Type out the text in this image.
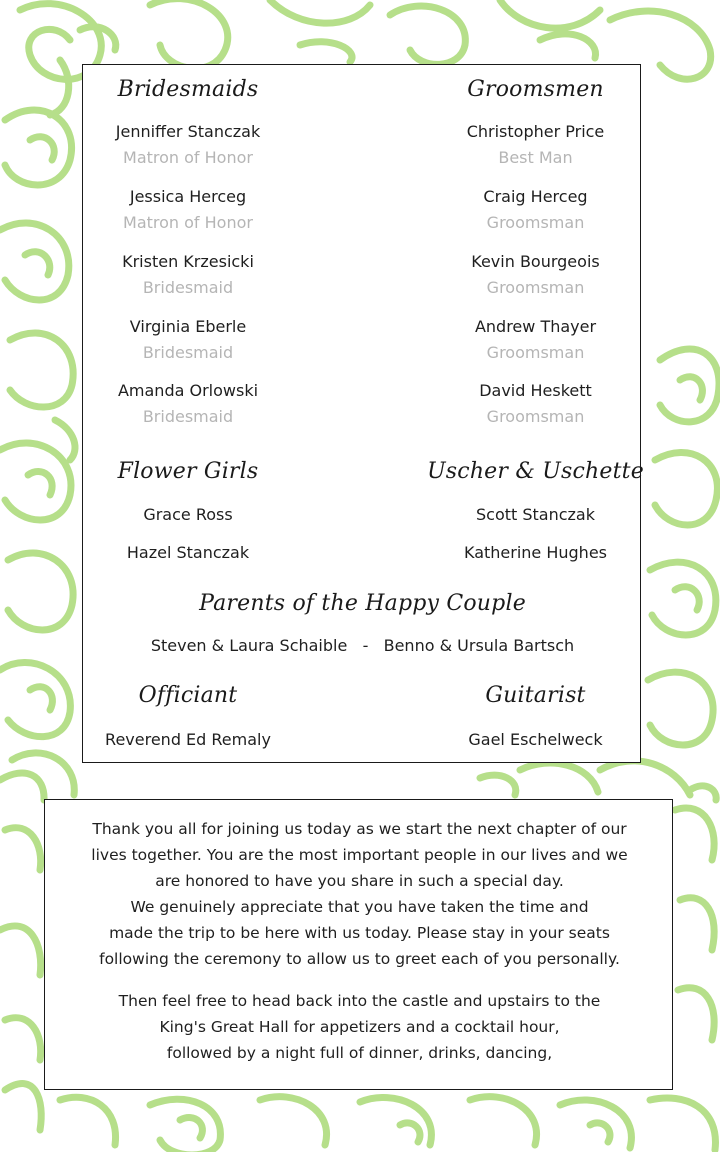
Bridesmaids
Jenniffer Stanczak
Matron of Honor
Jessica Herceg
Matron of Honor
Kristen Krzesicki
Bridesmaid
Virginia Eberle
Bridesmaid
Amanda Orlowski
Bridesmaid
Groomsmen
Christopher Price
Best Man
Craig Herceg
Groomsman
Kevin Bourgeois
Groomsman
Andrew Thayer
Groomsman
David Heskett
Groomsman
Flower Girls
Grace Ross
Hazel Stanczak
Uscher & Uschette
Scott Stanczak
Katherine Hughes
Parents of the Happy Couple
Steven & Laura Schaible   -   Benno & Ursula Bartsch
Officiant
Reverend Ed Remaly
Guitarist
Gael Eschelweck
Thank you all for joining us today as we start the next chapter of our
lives together. You are the most important people in our lives and we
are honored to have you share in such a special day.
We genuinely appreciate that you have taken the time and
made the trip to be here with us today. Please stay in your seats
following the ceremony to allow us to greet each of you personally.
Then feel free to head back into the castle and upstairs to the
King's Great Hall for appetizers and a cocktail hour,
followed by a night full of dinner, drinks, dancing,
